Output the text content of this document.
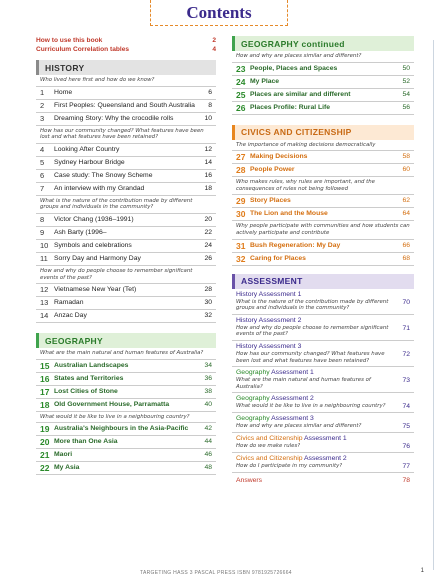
Contents
How to use this book	2
Curriculum Correlation tables	4
HISTORY
Who lived here first and how do we know?
1	Home	6
2	First Peoples: Queensland and South Australia	8
3	Dreaming Story: Why the crocodile rolls	10
How has our community changed? What features have been lost and what features have been retained?
4	Looking After Country	12
5	Sydney Harbour Bridge	14
6	Case study: The Snowy Scheme	16
7	An interview with my Grandad	18
What is the nature of the contribution made by different groups and individuals in the community?
8	Victor Chang (1936–1991)	20
9	Ash Barty (1996–	22
10 Symbols and celebrations	24
11 Sorry Day and Harmony Day	26
How and why do people choose to remember significant events of the past?
12 Vietnamese New Year (Tet)	28
13 Ramadan	30
14 Anzac Day	32
GEOGRAPHY
What are the main natural and human features of Australia?
15 Australian Landscapes	34
16 States and Territories	36
17 Lost Cities of Stone	38
18 Old Government House, Parramatta	40
What would it be like to live in a neighbouring country?
19 Australia's Neighbours in the Asia-Pacific	42
20 More than One Asia	44
21 Maori	46
22 My Asia	48
GEOGRAPHY continued
How and why are places similar and different?
23 People, Places and Spaces	50
24 My Place	52
25 Places are similar and different	54
26 Places Profile: Rural Life	56
CIVICS AND CITIZENSHIP
The importance of making decisions democratically
27 Making Decisions	58
28 People Power	60
Who makes rules, why rules are important, and the consequences of rules not being followed
29 Story Places	62
30 The Lion and the Mouse	64
Why people participate with communities and how students can actively participate and contribute
31 Bush Regeneration: My Day	66
32 Caring for Places	68
ASSESSMENT
History Assessment 1
What is the nature of the contribution made by different groups and individuals in the community?
70
History Assessment 2
How and why do people choose to remember significant events of the past?
71
History Assessment 3
How has our community changed? What features have been lost and what features have been retained?
72
Geography Assessment 1
What are the main natural and human features of Australia?
73
Geography Assessment 2
What would it be like to live in a neighbouring country?	74
Geography Assessment 3
How and why are places similar and different?	75
Civics and Citizenship Assessment 1
How do we make rules?	76
Civics and Citizenship Assessment 2
How do I participate in my community?	77
Answers	78
TARGETING HASS 3 PASCAL PRESS ISBN 9781925726664	1
